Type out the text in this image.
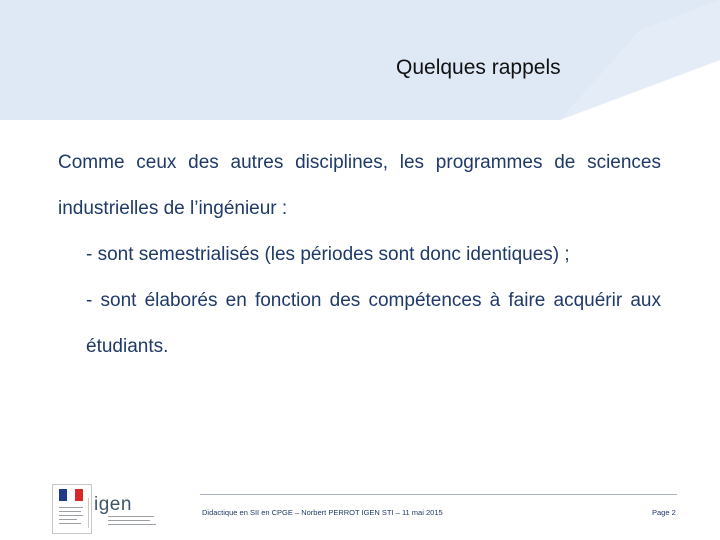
Quelques rappels

Comme ceux des autres disciplines, les programmes de sciences industrielles de l’ingénieur :

- sont semestrialisés (les périodes sont donc identiques) ;

- sont élaborés en fonction des compétences à faire acquérir aux étudiants.

igen	Didactique en SII en CPGE – Norbert PERROT IGEN STI – 11 mai 2015	Page 2
